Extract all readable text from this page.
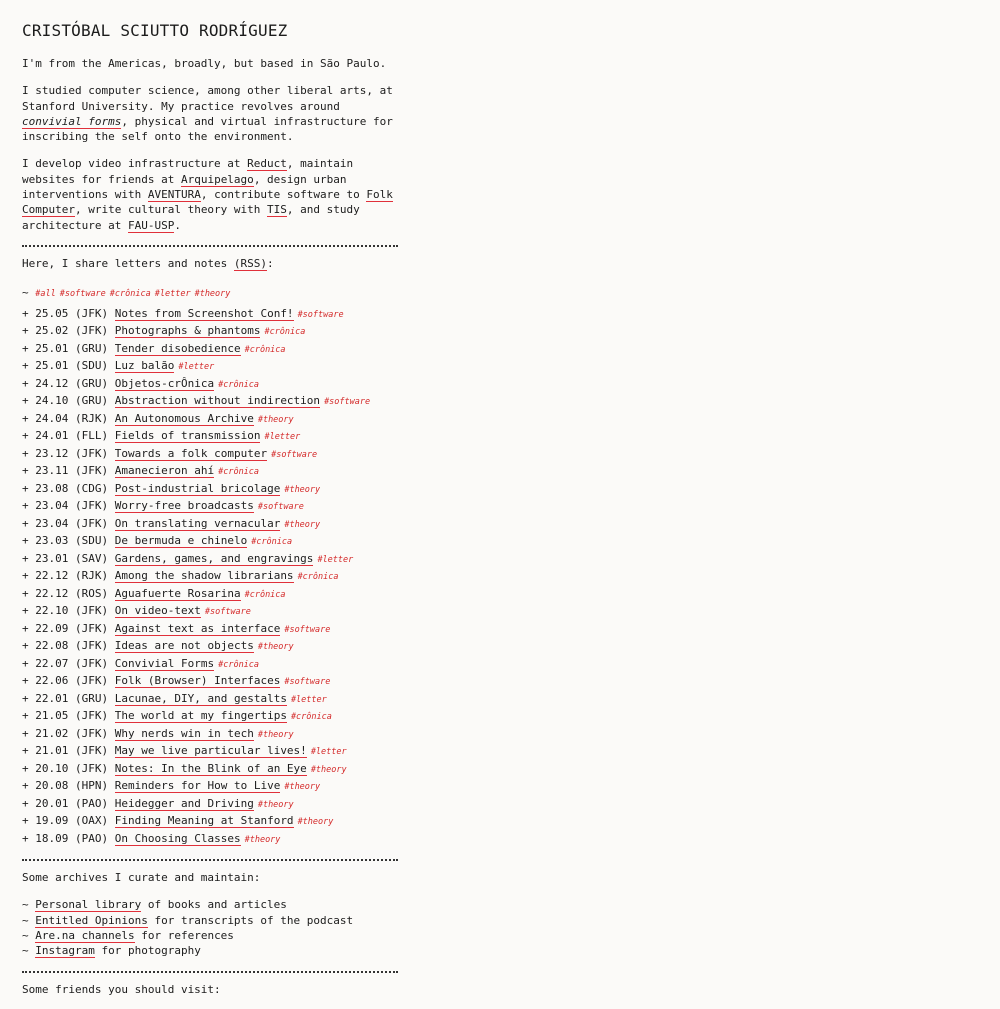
CRISTÓBAL SCIUTTO RODRÍGUEZ

I'm from the Americas, broadly, but based in São Paulo.

I studied computer science, among other liberal arts, at Stanford University. My practice revolves around convivial forms, physical and virtual infrastructure for inscribing the self onto the environment.

I develop video infrastructure at Reduct, maintain websites for friends at Arquipelago, design urban interventions with AVENTURA, contribute software to Folk Computer, write cultural theory with TIS, and study architecture at FAU-USP.

Here, I share letters and notes (RSS):
~ #all #software #crônica #letter #theory
+ 25.05 (JFK) Notes from Screenshot Conf! #software
+ 25.02 (JFK) Photographs & phantoms #crônica
+ 25.01 (GRU) Tender disobedience #crônica
+ 25.01 (SDU) Luz balão #letter
+ 24.12 (GRU) Objetos-crÔnica #crônica
+ 24.10 (GRU) Abstraction without indirection #software
+ 24.04 (RJK) An Autonomous Archive #theory
+ 24.01 (FLL) Fields of transmission #letter
+ 23.12 (JFK) Towards a folk computer #software
+ 23.11 (JFK) Amanecieron ahí #crônica
+ 23.08 (CDG) Post-industrial bricolage #theory
+ 23.04 (JFK) Worry-free broadcasts #software
+ 23.04 (JFK) On translating vernacular #theory
+ 23.03 (SDU) De bermuda e chinelo #crônica
+ 23.01 (SAV) Gardens, games, and engravings #letter
+ 22.12 (RJK) Among the shadow librarians #crônica
+ 22.12 (ROS) Aguafuerte Rosarina #crônica
+ 22.10 (JFK) On video-text #software
+ 22.09 (JFK) Against text as interface #software
+ 22.08 (JFK) Ideas are not objects #theory
+ 22.07 (JFK) Convivial Forms #crônica
+ 22.06 (JFK) Folk (Browser) Interfaces #software
+ 22.01 (GRU) Lacunae, DIY, and gestalts #letter
+ 21.05 (JFK) The world at my fingertips #crônica
+ 21.02 (JFK) Why nerds win in tech #theory
+ 21.01 (JFK) May we live particular lives! #letter
+ 20.10 (JFK) Notes: In the Blink of an Eye #theory
+ 20.08 (HPN) Reminders for How to Live #theory
+ 20.01 (PAO) Heidegger and Driving #theory
+ 19.09 (OAX) Finding Meaning at Stanford #theory
+ 18.09 (PAO) On Choosing Classes #theory

Some archives I curate and maintain:

~ Personal library of books and articles
~ Entitled Opinions for transcripts of the podcast
~ Are.na channels for references
~ Instagram for photography

Some friends you should visit:
